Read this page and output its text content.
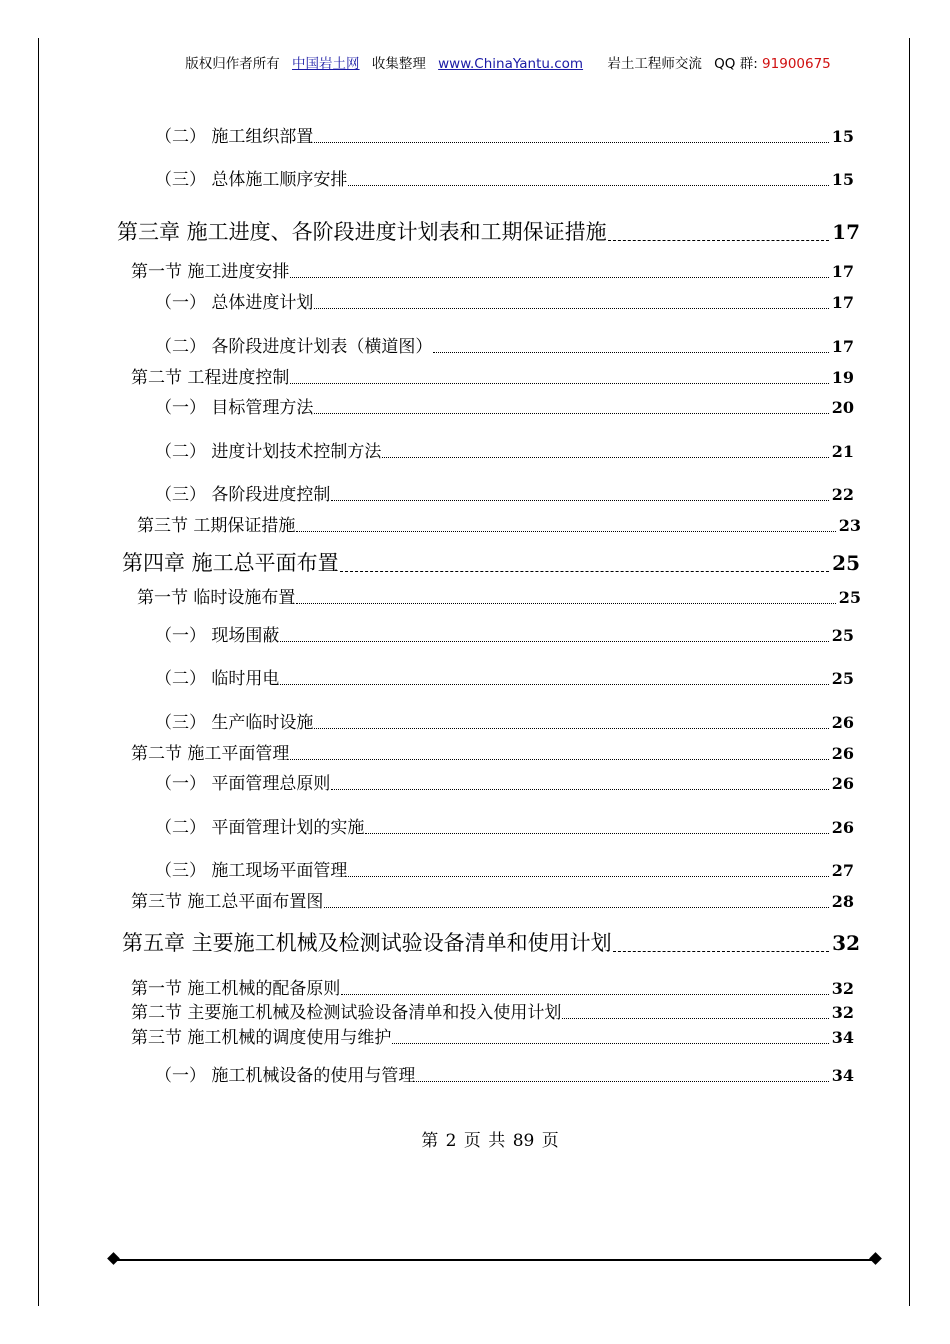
版权归作者所有 中国岩土网 收集整理 www.ChinaYantu.com 岩土工程师交流 QQ 群: 91900675
（二） 施工组织部置	15
（三） 总体施工顺序安排	15
第三章 施工进度、各阶段进度计划表和工期保证措施	17
第一节 施工进度安排	17
（一） 总体进度计划	17
（二） 各阶段进度计划表（横道图）	17
第二节 工程进度控制	19
（一） 目标管理方法	20
（二） 进度计划技术控制方法	21
（三） 各阶段进度控制	22
第三节 工期保证措施	23
第四章 施工总平面布置	25
第一节 临时设施布置	25
（一） 现场围蔽	25
（二） 临时用电	25
（三） 生产临时设施	26
第二节 施工平面管理	26
（一） 平面管理总原则	26
（二） 平面管理计划的实施	26
（三） 施工现场平面管理	27
第三节 施工总平面布置图	28
第五章 主要施工机械及检测试验设备清单和使用计划	32
第一节 施工机械的配备原则	32
第二节 主要施工机械及检测试验设备清单和投入使用计划	32
第三节 施工机械的调度使用与维护	34
（一） 施工机械设备的使用与管理	34
第 2 页 共 89 页
